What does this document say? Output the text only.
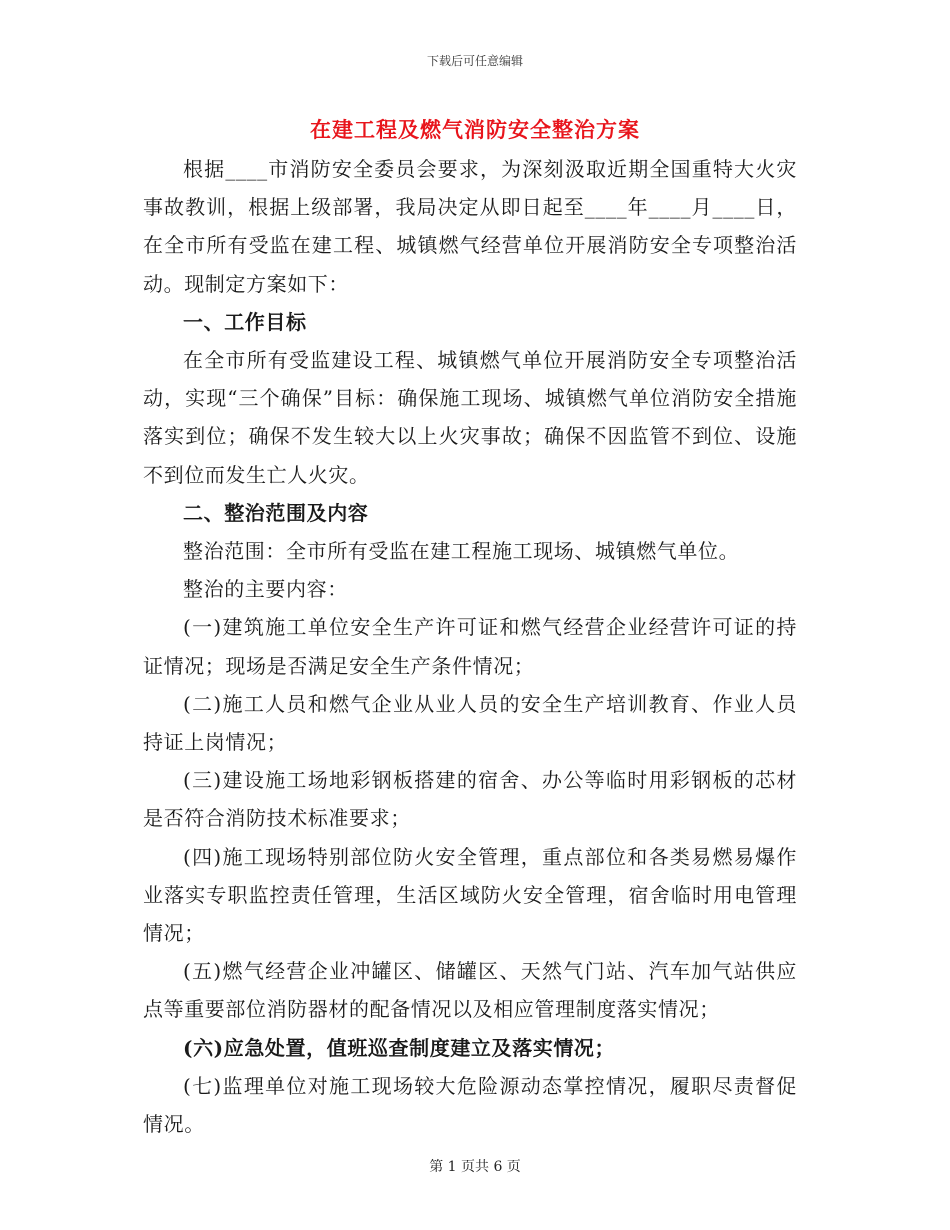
下载后可任意编辑
在建工程及燃气消防安全整治方案

根据____市消防安全委员会要求，为深刻汲取近期全国重特大火灾事故教训，根据上级部署，我局决定从即日起至____年____月____日，在全市所有受监在建工程、城镇燃气经营单位开展消防安全专项整治活动。现制定方案如下：

一、工作目标

在全市所有受监建设工程、城镇燃气单位开展消防安全专项整治活动，实现“三个确保”目标：确保施工现场、城镇燃气单位消防安全措施落实到位；确保不发生较大以上火灾事故；确保不因监管不到位、设施不到位而发生亡人火灾。

二、整治范围及内容

整治范围：全市所有受监在建工程施工现场、城镇燃气单位。

整治的主要内容：

(一)建筑施工单位安全生产许可证和燃气经营企业经营许可证的持证情况；现场是否满足安全生产条件情况；

(二)施工人员和燃气企业从业人员的安全生产培训教育、作业人员持证上岗情况；

(三)建设施工场地彩钢板搭建的宿舍、办公等临时用彩钢板的芯材是否符合消防技术标准要求；

(四)施工现场特别部位防火安全管理，重点部位和各类易燃易爆作业落实专职监控责任管理，生活区域防火安全管理，宿舍临时用电管理情况；

(五)燃气经营企业冲罐区、储罐区、天然气门站、汽车加气站供应点等重要部位消防器材的配备情况以及相应管理制度落实情况；

(六)应急处置，值班巡查制度建立及落实情况；

(七)监理单位对施工现场较大危险源动态掌控情况，履职尽责督促情况。

第 1 页共 6 页
